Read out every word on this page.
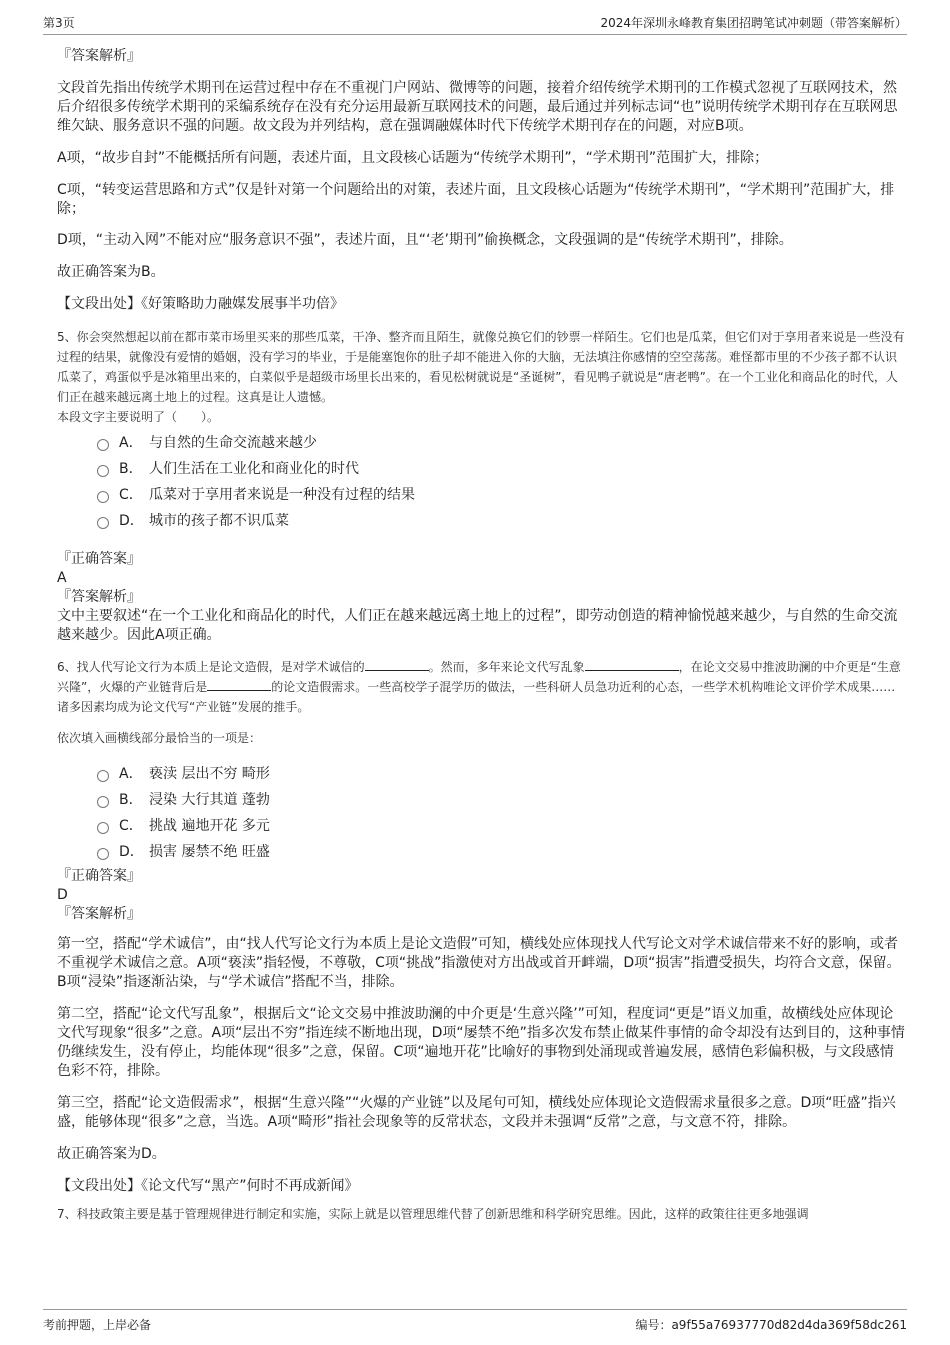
第3页	2024年深圳永峰教育集团招聘笔试冲刺题（带答案解析）

『答案解析』

文段首先指出传统学术期刊在运营过程中存在不重视门户网站、微博等的问题，接着介绍传统学术期刊的工作模式忽视了互联网技术，然后介绍很多传统学术期刊的采编系统存在没有充分运用最新互联网技术的问题，最后通过并列标志词“也”说明传统学术期刊存在互联网思维欠缺、服务意识不强的问题。故文段为并列结构，意在强调融媒体时代下传统学术期刊存在的问题，对应B项。

A项，“故步自封”不能概括所有问题，表述片面，且文段核心话题为“传统学术期刊”，“学术期刊”范围扩大，排除；

C项，“转变运营思路和方式”仅是针对第一个问题给出的对策，表述片面，且文段核心话题为“传统学术期刊”，“学术期刊”范围扩大，排除；

D项，“主动入网”不能对应“服务意识不强”，表述片面，且“‘老’期刊”偷换概念，文段强调的是“传统学术期刊”，排除。

故正确答案为B。

【文段出处】《好策略助力融媒发展事半功倍》

5、你会突然想起以前在都市菜市场里买来的那些瓜菜，干净、整齐而且陌生，就像兑换它们的钞票一样陌生。它们也是瓜菜，但它们对于享用者来说是一些没有过程的结果，就像没有爱情的婚姻，没有学习的毕业，于是能塞饱你的肚子却不能进入你的大脑，无法填注你感情的空空荡荡。难怪都市里的不少孩子都不认识瓜菜了，鸡蛋似乎是冰箱里出来的，白菜似乎是超级市场里长出来的，看见松树就说是“圣诞树”，看见鸭子就说是“唐老鸭”。在一个工业化和商品化的时代，人们正在越来越远离土地上的过程。这真是让人遗憾。

本段文字主要说明了（　　）。

A． 与自然的生命交流越来越少
B． 人们生活在工业化和商业化的时代
C． 瓜菜对于享用者来说是一种没有过程的结果
D． 城市的孩子都不识瓜菜

『正确答案』

A

『答案解析』

文中主要叙述“在一个工业化和商品化的时代，人们正在越来越远离土地上的过程”，即劳动创造的精神愉悦越来越少，与自然的生命交流越来越少。因此A项正确。

6、找人代写论文行为本质上是论文造假，是对学术诚信的	。然而，多年来论文代写乱象	，在论文交易中推波助澜的中介更是“生意兴隆”，火爆的产业链背后是	的论文造假需求。一些高校学子混学历的做法，一些科研人员急功近利的心态，一些学术机构唯论文评价学术成果……诸多因素均成为论文代写“产业链”发展的推手。

依次填入画横线部分最恰当的一项是：

A． 亵渎 层出不穷 畸形
B． 浸染 大行其道 蓬勃
C． 挑战 遍地开花 多元
D． 损害 屡禁不绝 旺盛

『正确答案』

D

『答案解析』

第一空，搭配“学术诚信”，由“找人代写论文行为本质上是论文造假”可知，横线处应体现找人代写论文对学术诚信带来不好的影响，或者不重视学术诚信之意。A项“亵渎”指轻慢，不尊敬，C项“挑战”指激使对方出战或首开衅端，D项“损害”指遭受损失，均符合文意，保留。B项“浸染”指逐渐沾染，与“学术诚信”搭配不当，排除。

第二空，搭配“论文代写乱象”，根据后文“论文交易中推波助澜的中介更是‘生意兴隆’”可知，程度词“更是”语义加重，故横线处应体现论文代写现象“很多”之意。A项“层出不穷”指连续不断地出现，D项“屡禁不绝”指多次发布禁止做某件事情的命令却没有达到目的，这种事情仍继续发生，没有停止，均能体现“很多”之意，保留。C项“遍地开花”比喻好的事物到处涌现或普遍发展，感情色彩偏积极，与文段感情色彩不符，排除。

第三空，搭配“论文造假需求”，根据“生意兴隆”“火爆的产业链”以及尾句可知，横线处应体现论文造假需求量很多之意。D项“旺盛”指兴盛，能够体现“很多”之意，当选。A项“畸形”指社会现象等的反常状态，文段并未强调“反常”之意，与文意不符，排除。

故正确答案为D。

【文段出处】《论文代写“黑产”何时不再成新闻》

7、科技政策主要是基于管理规律进行制定和实施，实际上就是以管理思维代替了创新思维和科学研究思维。因此，这样的政策往往更多地强调

考前押题，上岸必备	编号：a9f55a76937770d82d4da369f58dc261
